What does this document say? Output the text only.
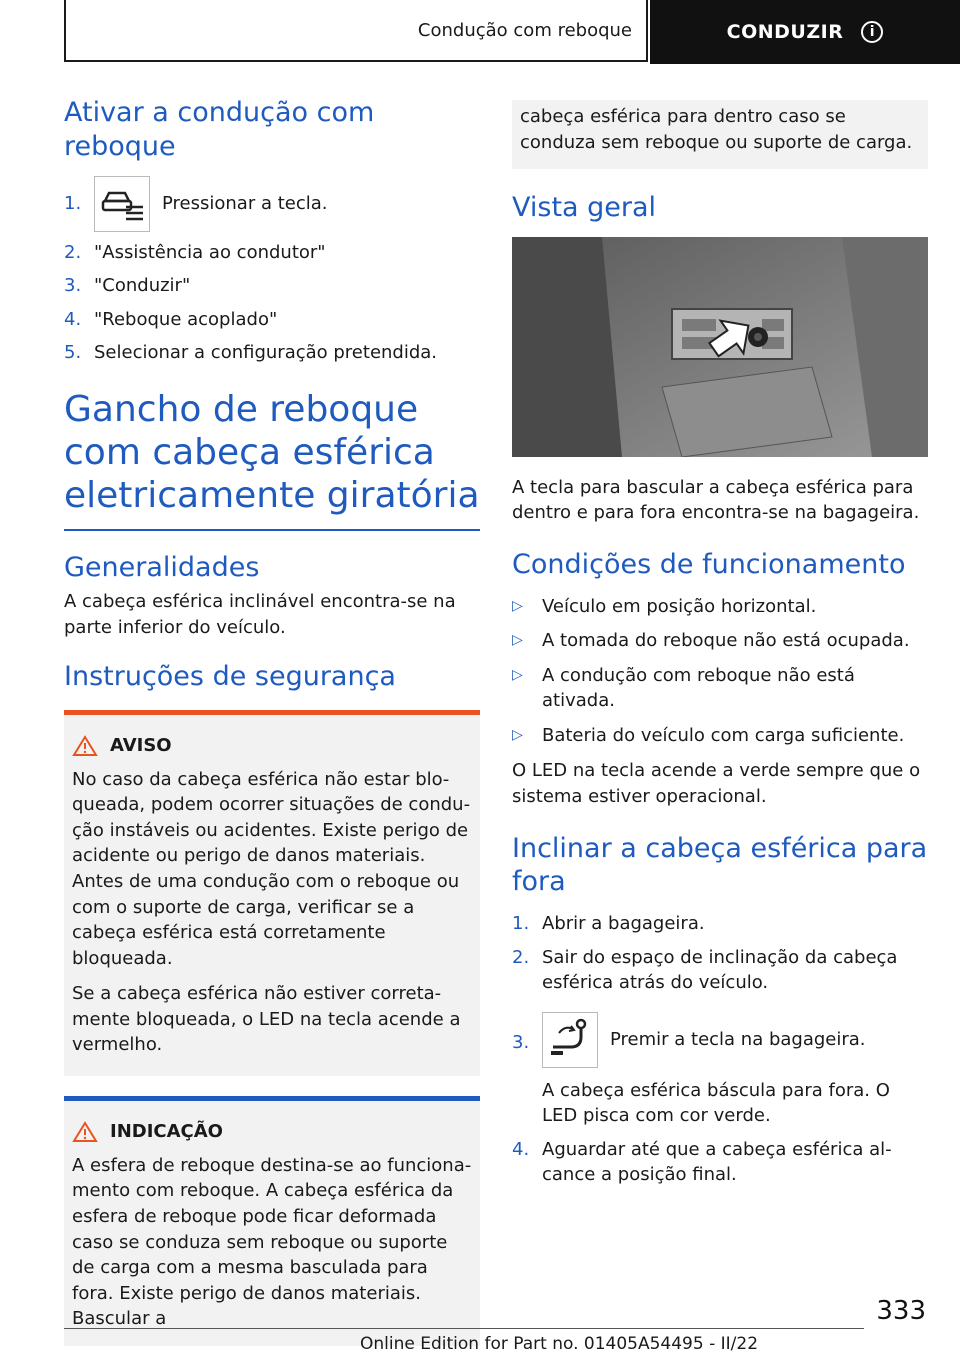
Condução com reboque	CONDUZIR	i
Ativar a condução com reboque
1.	Pressionar a tecla.
2. "Assistência ao condutor"
3. "Conduzir"
4. "Reboque acoplado"
5. Selecionar a configuração pretendida.
Gancho de reboque com cabeça esférica eletricamente giratória
Generalidades

A cabeça esférica inclinável encontra-se na parte inferior do veículo.

Instruções de segurança
AVISO

No caso da cabeça esférica não estar bloqueada, podem ocorrer situações de condução instáveis ou acidentes. Existe perigo de acidente ou perigo de danos materiais. Antes de uma condução com o reboque ou com o suporte de carga, verificar se a cabeça esférica está corretamente bloqueada.

Se a cabeça esférica não estiver corretamente bloqueada, o LED na tecla acende a vermelho.

INDICAÇÃO

A esfera de reboque destina-se ao funcionamento com reboque. A cabeça esférica da esfera de reboque pode ficar deformada caso se conduza sem reboque ou suporte de carga com a mesma basculada para fora. Existe perigo de danos materiais. Bascular a

cabeça esférica para dentro caso se conduza sem reboque ou suporte de carga.

Vista geral

A tecla para bascular a cabeça esférica para dentro e para fora encontra-se na bagageira.

Condições de funcionamento
▷	Veículo em posição horizontal.
▷	A tomada do reboque não está ocupada.
▷	A condução com reboque não está ativada.
▷	Bateria do veículo com carga suficiente.

O LED na tecla acende a verde sempre que o sistema estiver operacional.

Inclinar a cabeça esférica para fora
1. Abrir a bagageira.
2. Sair do espaço de inclinação da cabeça esférica atrás do veículo.
3.	Premir a tecla na bagageira.

A cabeça esférica báscula para fora. O LED pisca com cor verde.

4. Aguardar até que a cabeça esférica alcance a posição final.
333
Online Edition for Part no. 01405A54495 - II/22
